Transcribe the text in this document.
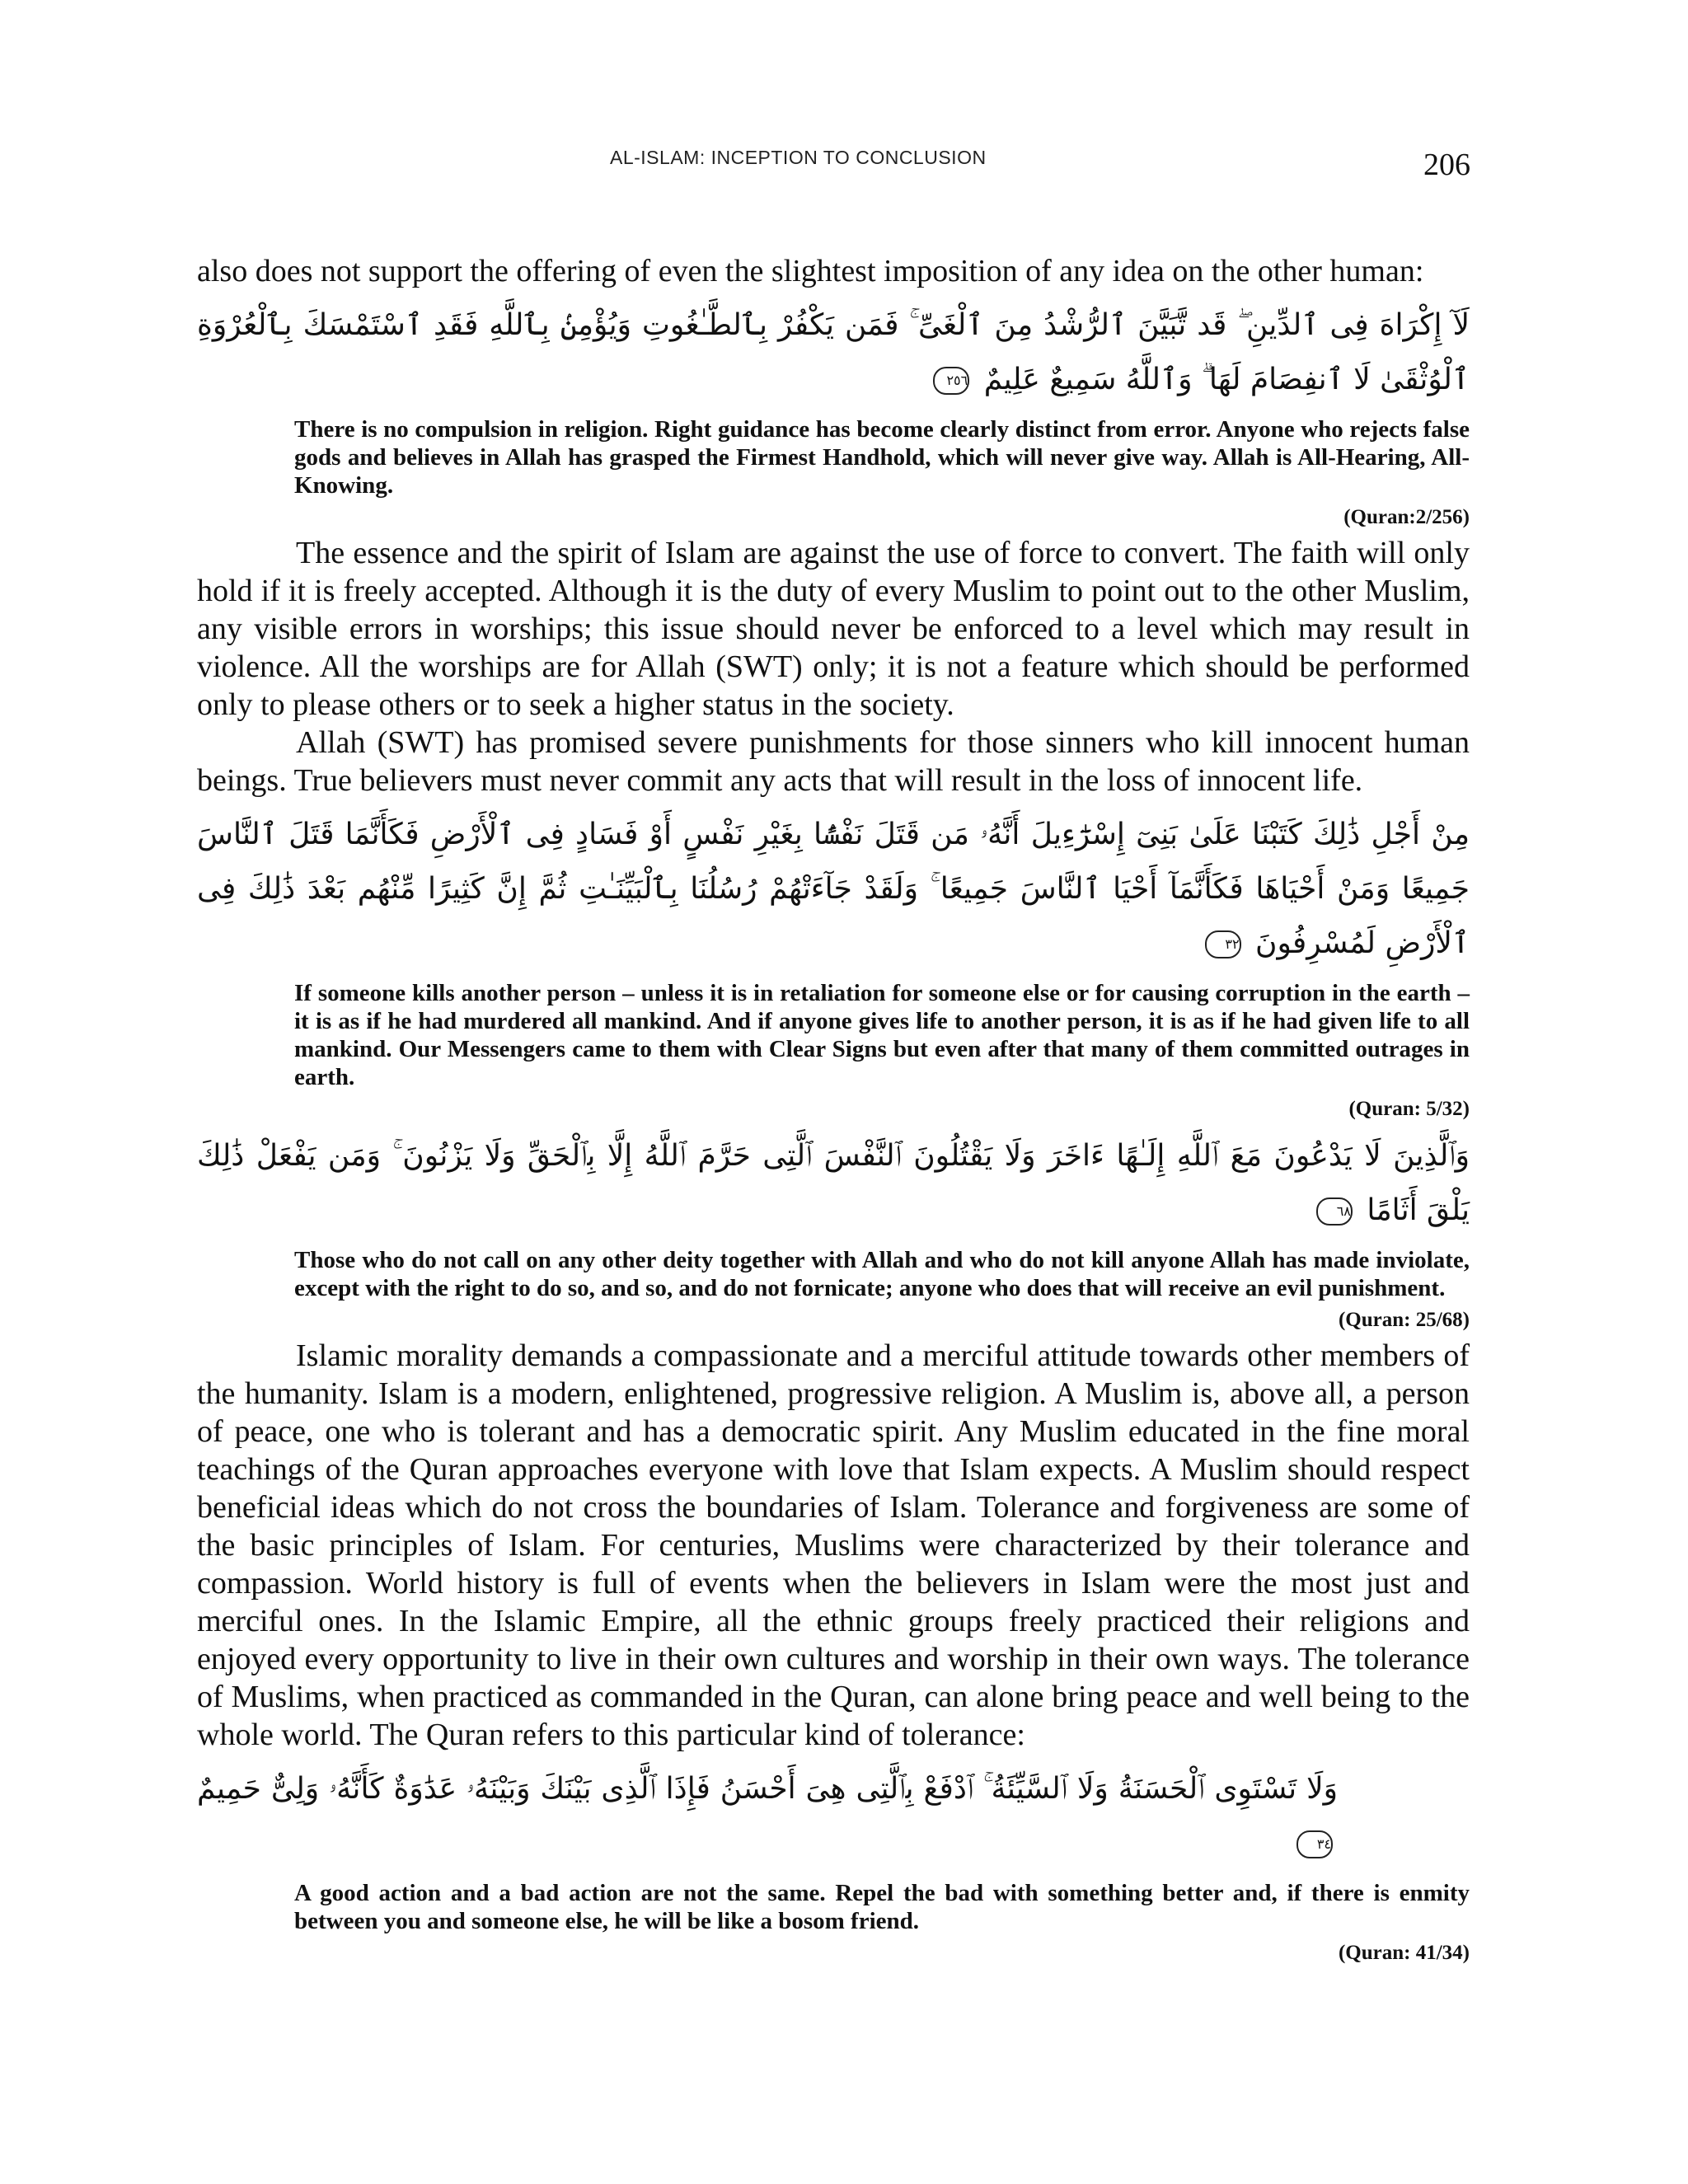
AL-ISLAM: INCEPTION TO CONCLUSION	206

also does not support the offering of even the slightest imposition of any idea on the other human:

لَآ إِكْرَاهَ فِى ٱلدِّينِ ۖ قَد تَّبَيَّنَ ٱلرُّشْدُ مِنَ ٱلْغَىِّ ۚ فَمَن يَكْفُرْ بِٱلطَّـٰغُوتِ وَيُؤْمِنۢ بِٱللَّهِ فَقَدِ ٱسْتَمْسَكَ بِٱلْعُرْوَةِ ٱلْوُثْقَىٰ لَا ٱنفِصَامَ لَهَا ۗ وَٱللَّهُ سَمِيعٌ عَلِيمٌ ٢٥٦
There is no compulsion in religion. Right guidance has become clearly distinct from error. Anyone who rejects false gods and believes in Allah has grasped the Firmest Handhold, which will never give way. Allah is All-Hearing, All-Knowing.
(Quran:2/256)

The essence and the spirit of Islam are against the use of force to convert. The faith will only hold if it is freely accepted. Although it is the duty of every Muslim to point out to the other Muslim, any visible errors in worships; this issue should never be enforced to a level which may result in violence. All the worships are for Allah (SWT) only; it is not a feature which should be performed only to please others or to seek a higher status in the society.

Allah (SWT) has promised severe punishments for those sinners who kill innocent human beings. True believers must never commit any acts that will result in the loss of innocent life.

مِنْ أَجْلِ ذَٰلِكَ كَتَبْنَا عَلَىٰ بَنِىٓ إِسْرَٰٓءِيلَ أَنَّهُۥ مَن قَتَلَ نَفْسًۢا بِغَيْرِ نَفْسٍ أَوْ فَسَادٍ فِى ٱلْأَرْضِ فَكَأَنَّمَا قَتَلَ ٱلنَّاسَ جَمِيعًا وَمَنْ أَحْيَاهَا فَكَأَنَّمَآ أَحْيَا ٱلنَّاسَ جَمِيعًا ۚ وَلَقَدْ جَآءَتْهُمْ رُسُلُنَا بِٱلْبَيِّنَـٰتِ ثُمَّ إِنَّ كَثِيرًا مِّنْهُم بَعْدَ ذَٰلِكَ فِى ٱلْأَرْضِ لَمُسْرِفُونَ ٣٢
If someone kills another person – unless it is in retaliation for someone else or for causing corruption in the earth – it is as if he had murdered all mankind. And if anyone gives life to another person, it is as if he had given life to all mankind. Our Messengers came to them with Clear Signs but even after that many of them committed outrages in earth.
(Quran: 5/32)
وَٱلَّذِينَ لَا يَدْعُونَ مَعَ ٱللَّهِ إِلَـٰهًا ءَاخَرَ وَلَا يَقْتُلُونَ ٱلنَّفْسَ ٱلَّتِى حَرَّمَ ٱللَّهُ إِلَّا بِٱلْحَقِّ وَلَا يَزْنُونَ ۚ وَمَن يَفْعَلْ ذَٰلِكَ يَلْقَ أَثَامًا ٦٨
Those who do not call on any other deity together with Allah and who do not kill anyone Allah has made inviolate, except with the right to do so, and so, and do not fornicate; anyone who does that will receive an evil punishment.
(Quran: 25/68)

Islamic morality demands a compassionate and a merciful attitude towards other members of the humanity. Islam is a modern, enlightened, progressive religion. A Muslim is, above all, a person of peace, one who is tolerant and has a democratic spirit. Any Muslim educated in the fine moral teachings of the Quran approaches everyone with love that Islam expects. A Muslim should respect beneficial ideas which do not cross the boundaries of Islam. Tolerance and forgiveness are some of the basic principles of Islam. For centuries, Muslims were characterized by their tolerance and compassion. World history is full of events when the believers in Islam were the most just and merciful ones. In the Islamic Empire, all the ethnic groups freely practiced their religions and enjoyed every opportunity to live in their own cultures and worship in their own ways. The tolerance of Muslims, when practiced as commanded in the Quran, can alone bring peace and well being to the whole world. The Quran refers to this particular kind of tolerance:

وَلَا تَسْتَوِى ٱلْحَسَنَةُ وَلَا ٱلسَّيِّئَةُ ۚ ٱدْفَعْ بِٱلَّتِى هِىَ أَحْسَنُ فَإِذَا ٱلَّذِى بَيْنَكَ وَبَيْنَهُۥ عَدَٰوَةٌ كَأَنَّهُۥ وَلِىٌّ حَمِيمٌ ٣٤
A good action and a bad action are not the same. Repel the bad with something better and, if there is enmity between you and someone else, he will be like a bosom friend.
(Quran: 41/34)
